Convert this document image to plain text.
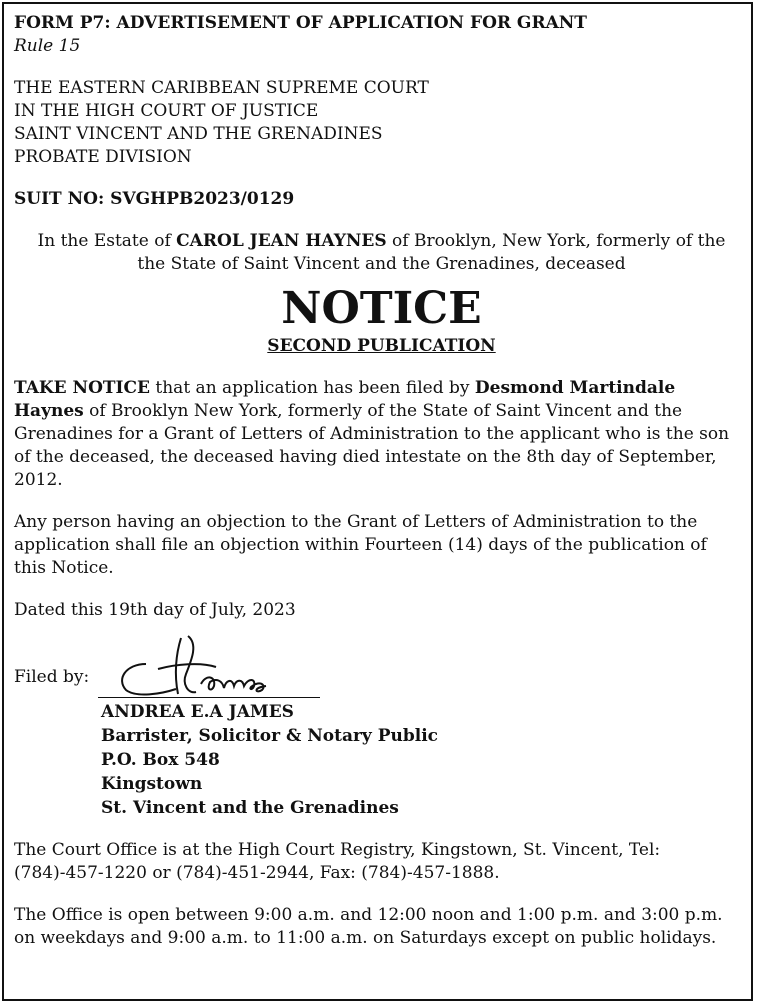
FORM P7: ADVERTISEMENT OF APPLICATION FOR GRANT
Rule 15
THE EASTERN CARIBBEAN SUPREME COURT
IN THE HIGH COURT OF JUSTICE
SAINT VINCENT AND THE GRENADINES
PROBATE DIVISION
SUIT NO: SVGHPB2023/0129
In the Estate of CAROL JEAN HAYNES of Brooklyn, New York, formerly of the
the State of Saint Vincent and the Grenadines, deceased
NOTICE
SECOND PUBLICATION
TAKE NOTICE that an application has been filed by Desmond Martindale
Haynes of Brooklyn New York, formerly of the State of Saint Vincent and the
Grenadines for a Grant of Letters of Administration to the applicant who is the son
of the deceased, the deceased having died intestate on the 8th day of September,
2012.
Any person having an objection to the Grant of Letters of Administration to the
application shall file an objection within Fourteen (14) days of the publication of
this Notice.
Dated this 19th day of July, 2023
Filed by:
ANDREA E.A JAMES
Barrister, Solicitor & Notary Public
P.O. Box 548
Kingstown
St. Vincent and the Grenadines
The Court Office is at the High Court Registry, Kingstown, St. Vincent, Tel:
(784)-457-1220 or (784)-451-2944, Fax: (784)-457-1888.
The Office is open between 9:00 a.m. and 12:00 noon and 1:00 p.m. and 3:00 p.m.
on weekdays and 9:00 a.m. to 11:00 a.m. on Saturdays except on public holidays.
